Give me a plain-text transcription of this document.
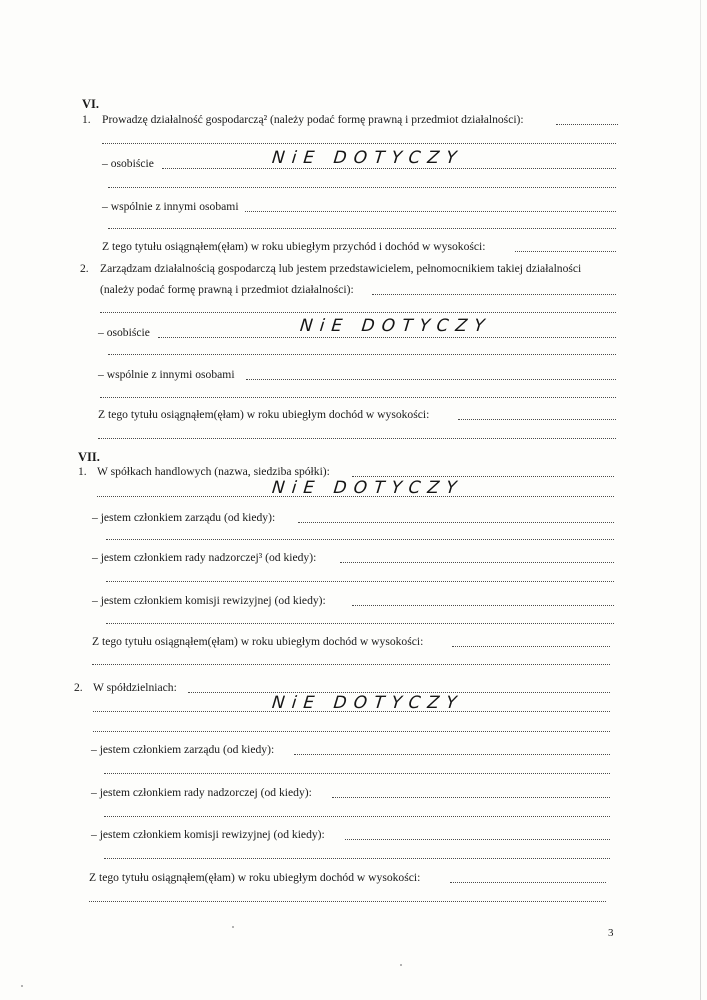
VI.
1. Prowadzę działalność gospodarczą² (należy podać formę prawną i przedmiot działalności):
– osobiście	NiE DOTYCZY
– wspólnie z innymi osobami
Z tego tytułu osiągnąłem(ęłam) w roku ubiegłym przychód i dochód w wysokości:
2. Zarządzam działalnością gospodarczą lub jestem przedstawicielem, pełnomocnikiem takiej działalności
(należy podać formę prawną i przedmiot działalności):
– osobiście	NiE DOTYCZY
– wspólnie z innymi osobami
Z tego tytułu osiągnąłem(ęłam) w roku ubiegłym dochód w wysokości:
VII.
1. W spółkach handlowych (nazwa, siedziba spółki):
NiE DOTYCZY
– jestem członkiem zarządu (od kiedy):
– jestem członkiem rady nadzorczej³ (od kiedy):
– jestem członkiem komisji rewizyjnej (od kiedy):
Z tego tytułu osiągnąłem(ęłam) w roku ubiegłym dochód w wysokości:
2. W spółdzielniach:
NiE DOTYCZY
– jestem członkiem zarządu (od kiedy):
– jestem członkiem rady nadzorczej (od kiedy):
– jestem członkiem komisji rewizyjnej (od kiedy):
Z tego tytułu osiągnąłem(ęłam) w roku ubiegłym dochód w wysokości:
3
